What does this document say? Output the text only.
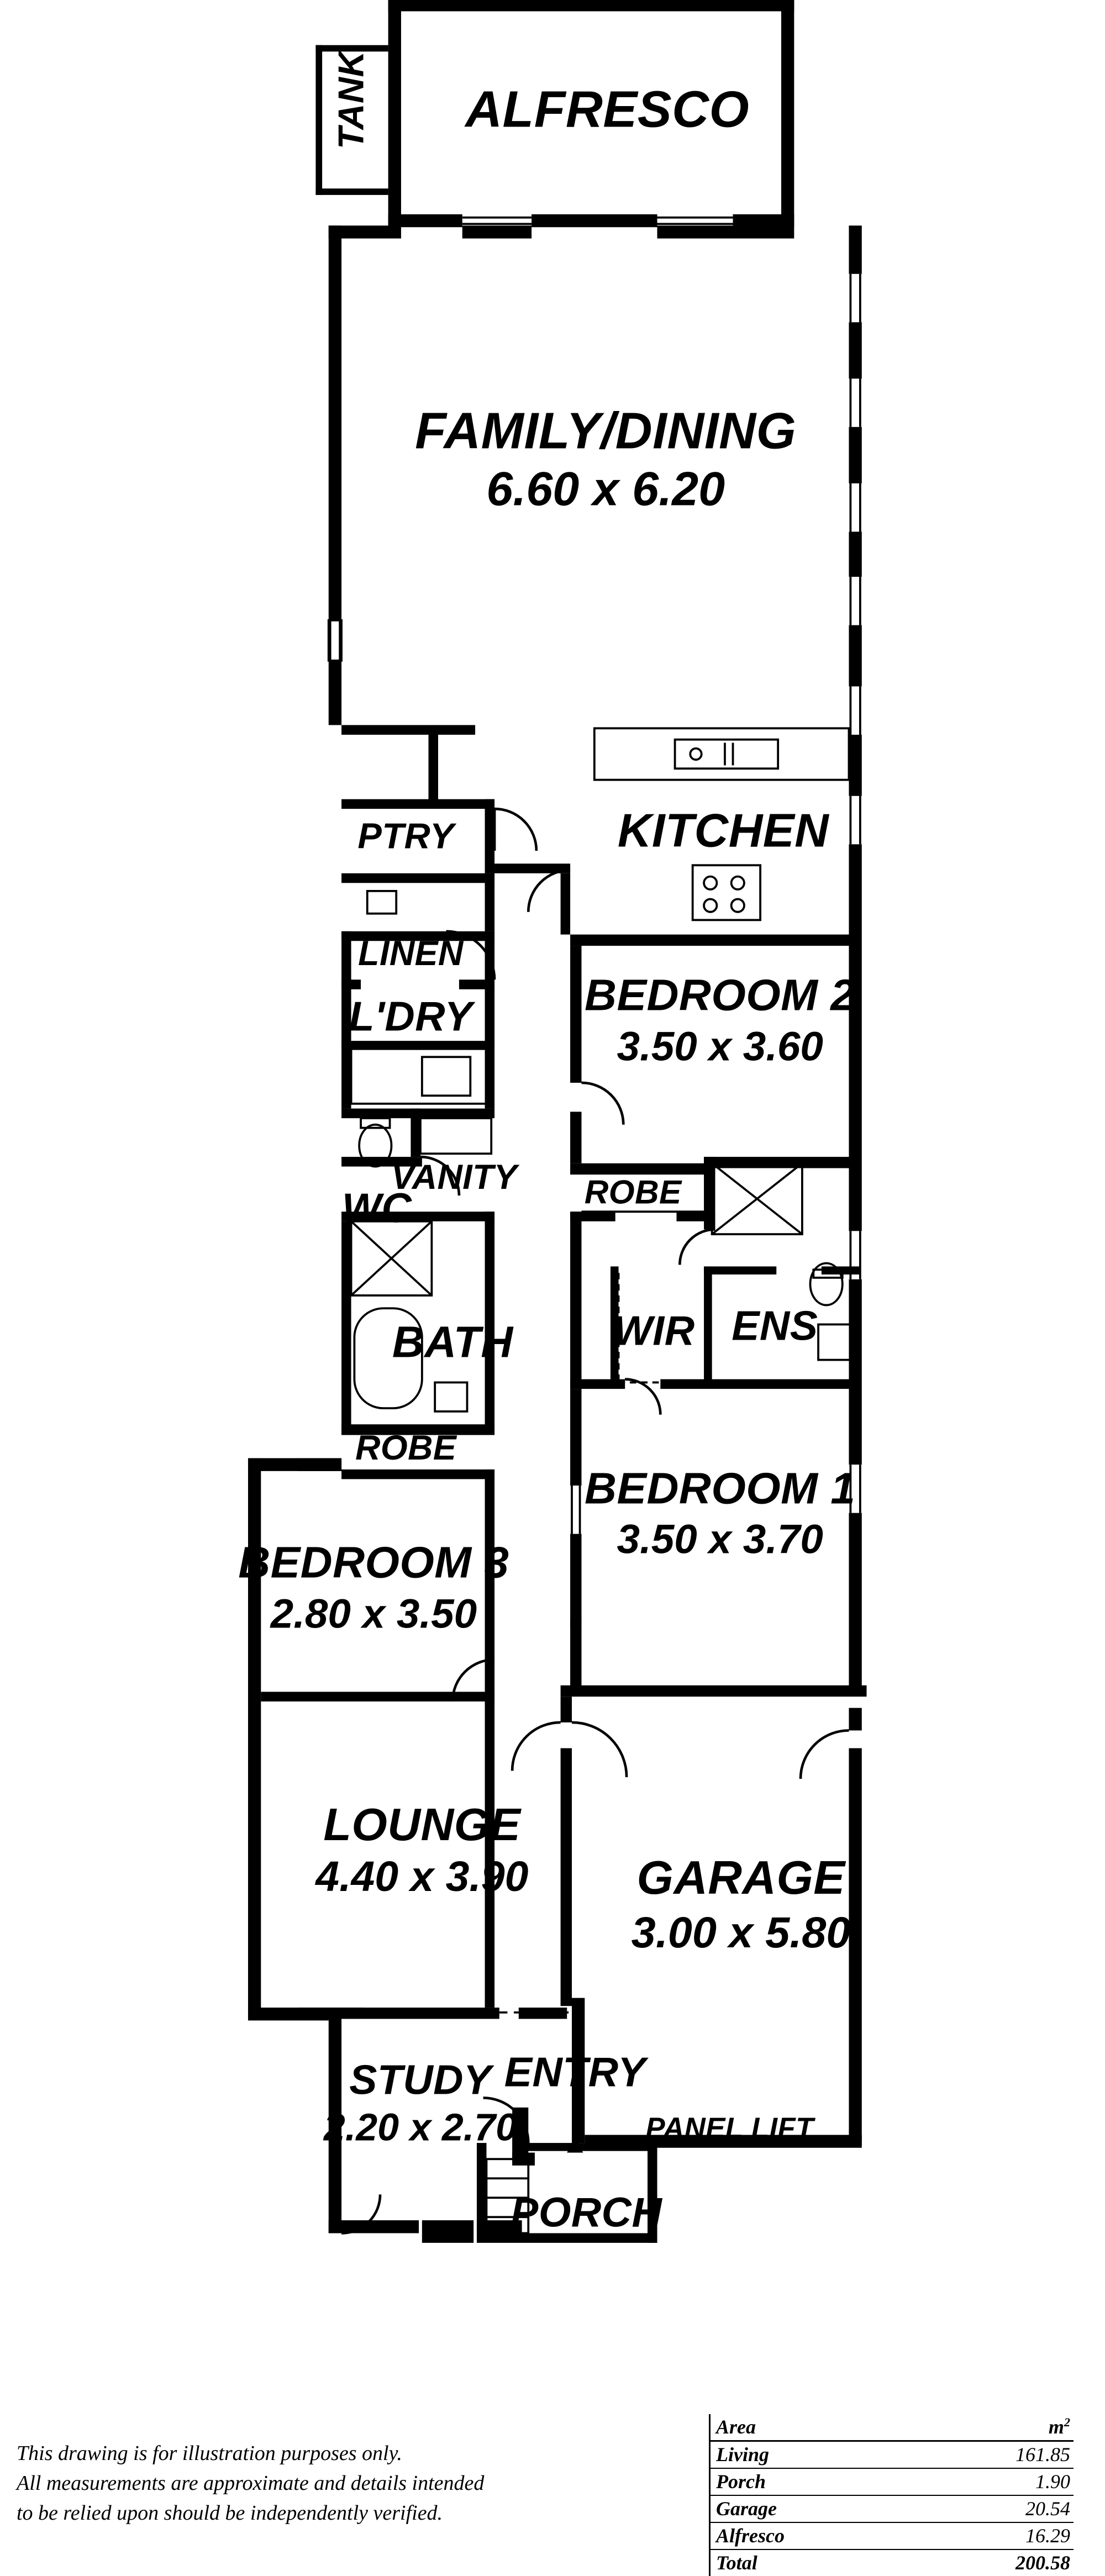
TANK ALFRESCO
FAMILY/DINING
6.60 x 6.20
PTRY	KITCHEN
LINEN
L'DRY	BEDROOM 2
3.50 x 3.60
VANITY
WC	ROBE
WIR ENS
BATH
ROBE
BEDROOM 1
3.50 x 3.70
BEDROOM 3
2.80 x 3.50
LOUNGE
4.40 x 3.90 GARAGE
3.00 x 5.80
ENTRY
STUDY
2.20 x 2.70	PANEL LIFT
PORCH
This drawing is for illustration purposes only.
All measurements are approximate and details intended
to be relied upon should be independently verified.
Area	$m^2$
Living	161.85
Porch	1.90
Garage	20.54
Alfresco	16.29
Total	200.58
